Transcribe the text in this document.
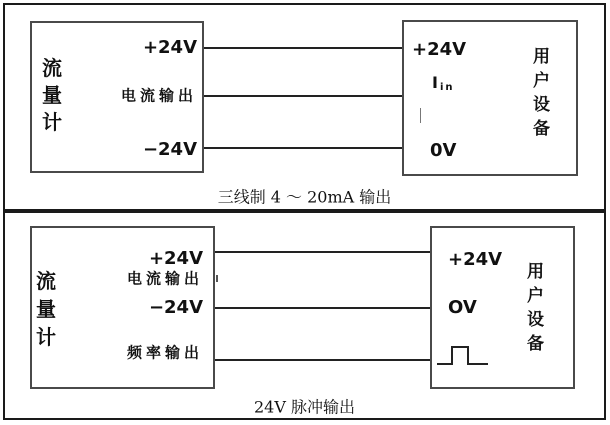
流量计
+24V
电流输出
−24V
+24V
Iin
0V
用户设备
三线制 4 ～ 20mA 输出
流量计
+24V
电流输出
−24V
频率输出
+24V
OV
用户设备
24V 脉冲输出
